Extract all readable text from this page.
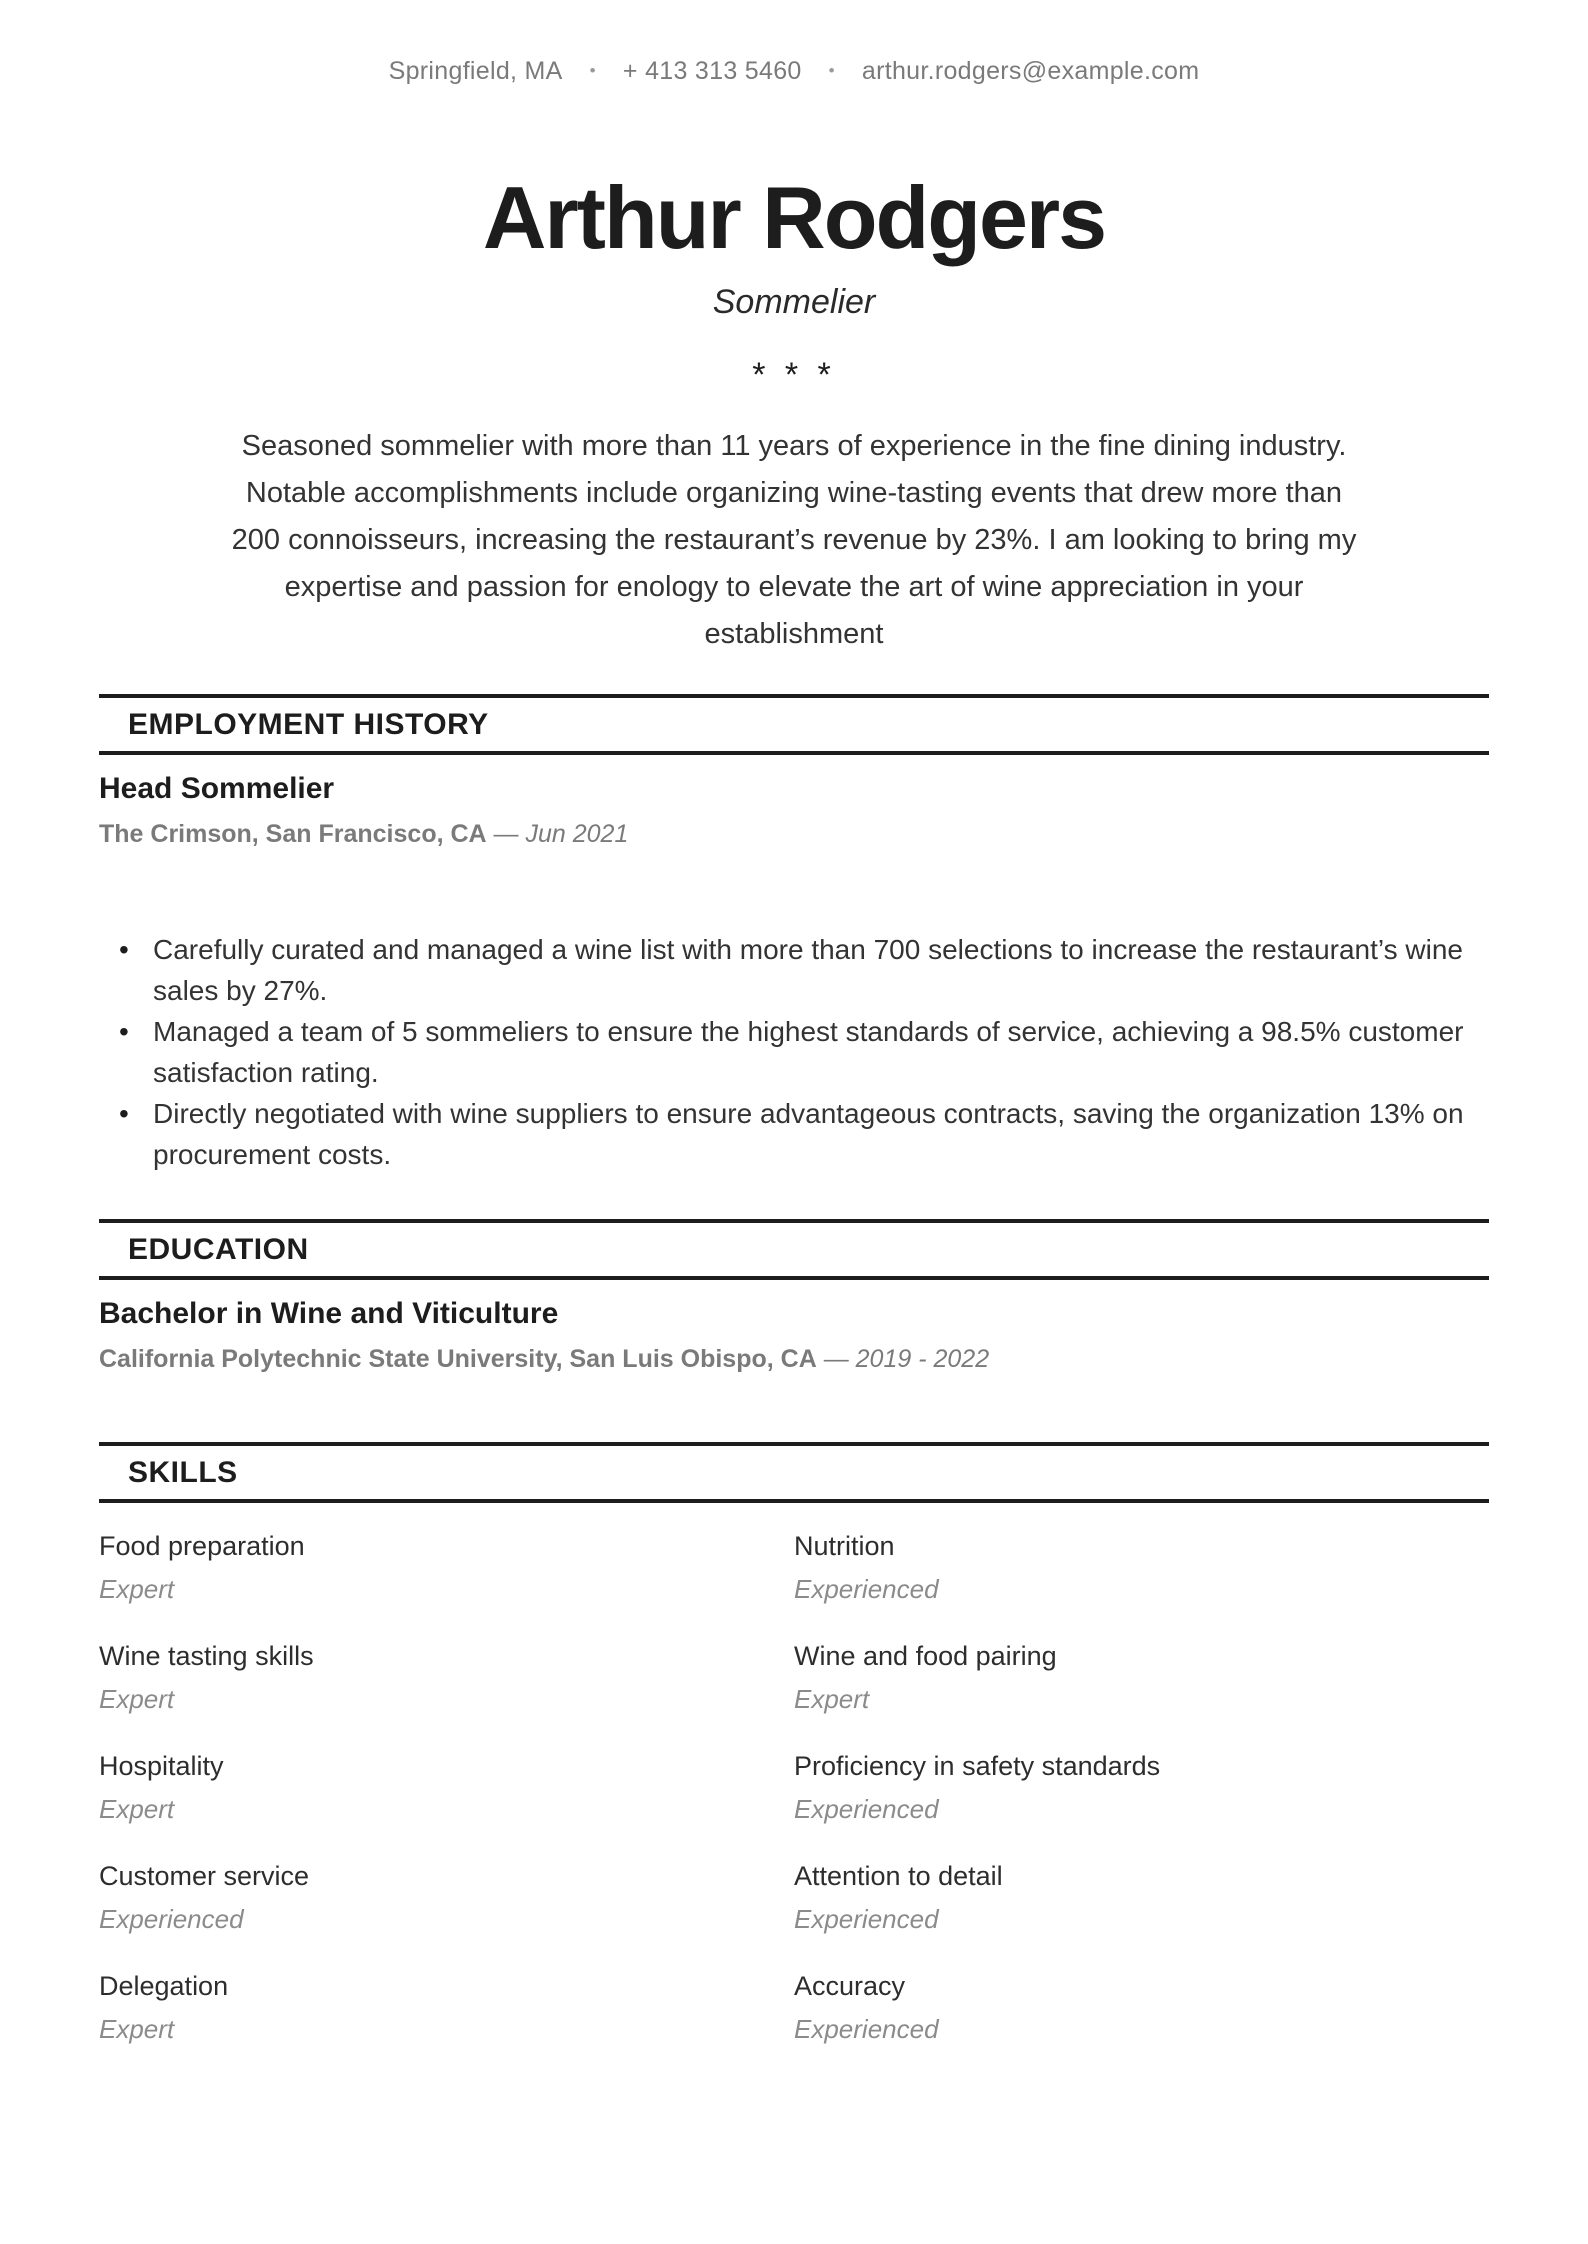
Springfield, MA • + 413 313 5460 • arthur.rodgers@example.com
Arthur Rodgers
Sommelier
* * *
Seasoned sommelier with more than 11 years of experience in the fine dining industry.
Notable accomplishments include organizing wine-tasting events that drew more than
200 connoisseurs, increasing the restaurant’s revenue by 23%. I am looking to bring my
expertise and passion for enology to elevate the art of wine appreciation in your
establishment
EMPLOYMENT HISTORY
Head Sommelier
The Crimson, San Francisco, CA — Jun 2021
• Carefully curated and managed a wine list with more than 700 selections to increase the restaurant’s wine sales by 27%.
• Managed a team of 5 sommeliers to ensure the highest standards of service, achieving a 98.5% customer satisfaction rating.
• Directly negotiated with wine suppliers to ensure advantageous contracts, saving the organization 13% on procurement costs.
EDUCATION
Bachelor in Wine and Viticulture
California Polytechnic State University, San Luis Obispo, CA — 2019 - 2022
SKILLS
Food preparation
Expert
Nutrition
Experienced
Wine tasting skills
Expert
Wine and food pairing
Expert
Hospitality
Expert
Proficiency in safety standards
Experienced
Customer service
Experienced
Attention to detail
Experienced
Delegation
Expert
Accuracy
Experienced
